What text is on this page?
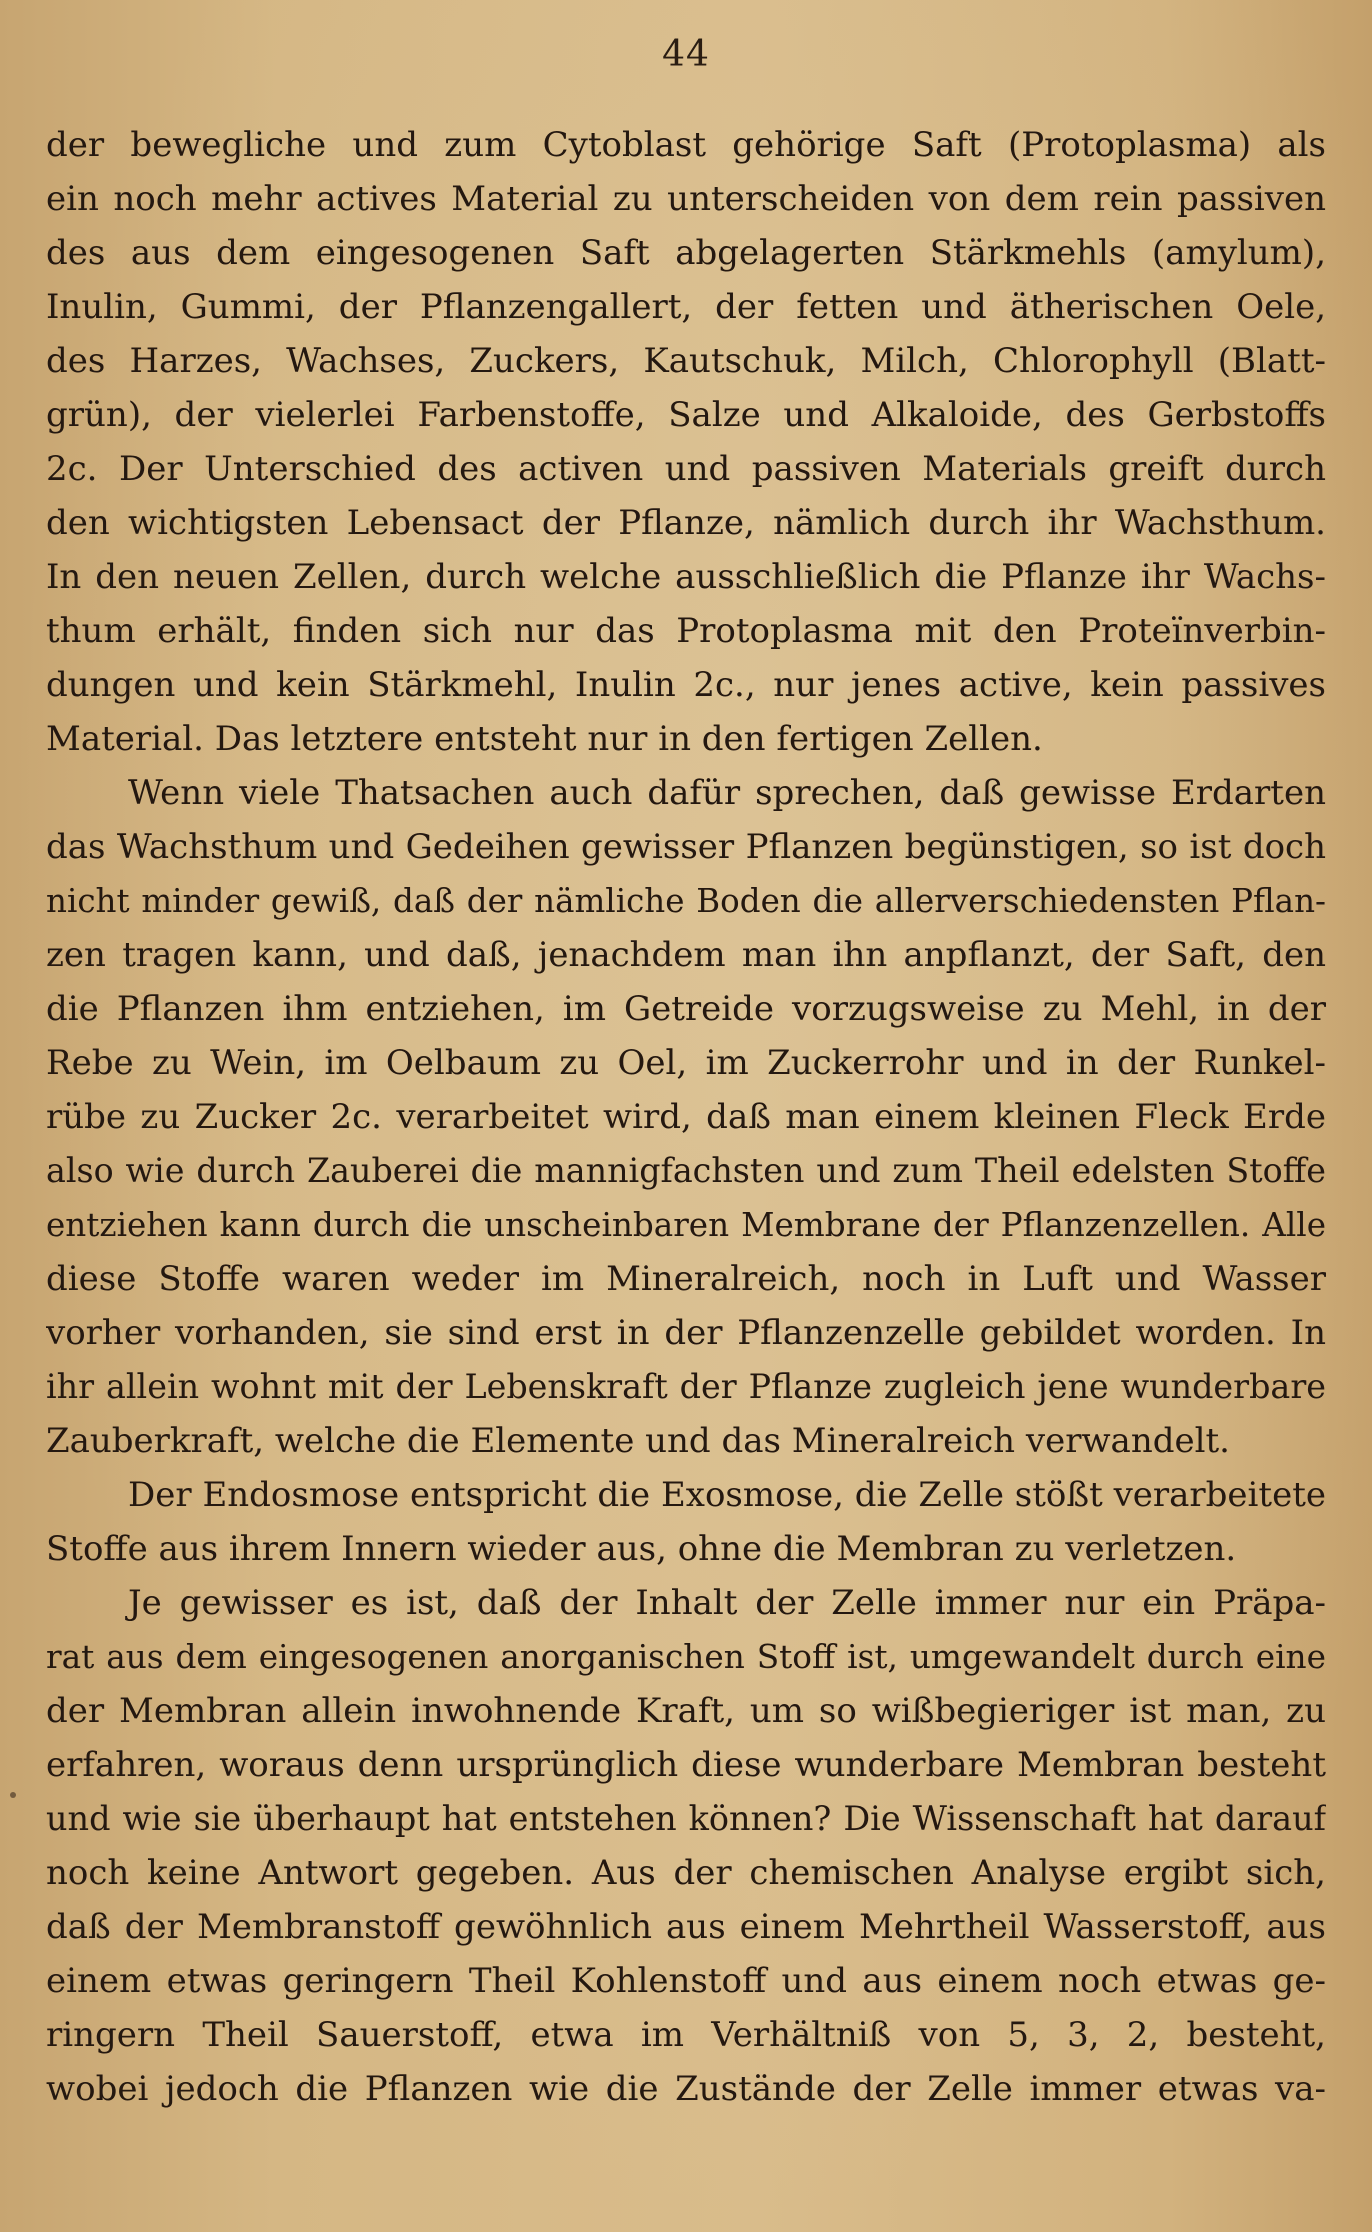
44
der bewegliche und zum Cytoblast gehörige Saft (Protoplasma) als
ein noch mehr actives Material zu unterscheiden von dem rein passiven
des aus dem eingesogenen Saft abgelagerten Stärkmehls (amylum),
Inulin, Gummi, der Pflanzengallert, der fetten und ätherischen Oele,
des Harzes, Wachses, Zuckers, Kautschuk, Milch, Chlorophyll (Blatt-
grün), der vielerlei Farbenstoffe, Salze und Alkaloide, des Gerbstoffs
2c. Der Unterschied des activen und passiven Materials greift durch
den wichtigsten Lebensact der Pflanze, nämlich durch ihr Wachsthum.
In den neuen Zellen, durch welche ausschließlich die Pflanze ihr Wachs-
thum erhält, finden sich nur das Protoplasma mit den Proteïnverbin-
dungen und kein Stärkmehl, Inulin 2c., nur jenes active, kein passives
Material. Das letztere entsteht nur in den fertigen Zellen.
Wenn viele Thatsachen auch dafür sprechen, daß gewisse Erdarten
das Wachsthum und Gedeihen gewisser Pflanzen begünstigen, so ist doch
nicht minder gewiß, daß der nämliche Boden die allerverschiedensten Pflan-
zen tragen kann, und daß, jenachdem man ihn anpflanzt, der Saft, den
die Pflanzen ihm entziehen, im Getreide vorzugsweise zu Mehl, in der
Rebe zu Wein, im Oelbaum zu Oel, im Zuckerrohr und in der Runkel-
rübe zu Zucker 2c. verarbeitet wird, daß man einem kleinen Fleck Erde
also wie durch Zauberei die mannigfachsten und zum Theil edelsten Stoffe
entziehen kann durch die unscheinbaren Membrane der Pflanzenzellen. Alle
diese Stoffe waren weder im Mineralreich, noch in Luft und Wasser
vorher vorhanden, sie sind erst in der Pflanzenzelle gebildet worden. In
ihr allein wohnt mit der Lebenskraft der Pflanze zugleich jene wunderbare
Zauberkraft, welche die Elemente und das Mineralreich verwandelt.
Der Endosmose entspricht die Exosmose, die Zelle stößt verarbeitete
Stoffe aus ihrem Innern wieder aus, ohne die Membran zu verletzen.
Je gewisser es ist, daß der Inhalt der Zelle immer nur ein Präpa-
rat aus dem eingesogenen anorganischen Stoff ist, umgewandelt durch eine
der Membran allein inwohnende Kraft, um so wißbegieriger ist man, zu
erfahren, woraus denn ursprünglich diese wunderbare Membran besteht
und wie sie überhaupt hat entstehen können? Die Wissenschaft hat darauf
noch keine Antwort gegeben. Aus der chemischen Analyse ergibt sich,
daß der Membranstoff gewöhnlich aus einem Mehrtheil Wasserstoff, aus
einem etwas geringern Theil Kohlenstoff und aus einem noch etwas ge-
ringern Theil Sauerstoff, etwa im Verhältniß von 5, 3, 2, besteht,
wobei jedoch die Pflanzen wie die Zustände der Zelle immer etwas va-
